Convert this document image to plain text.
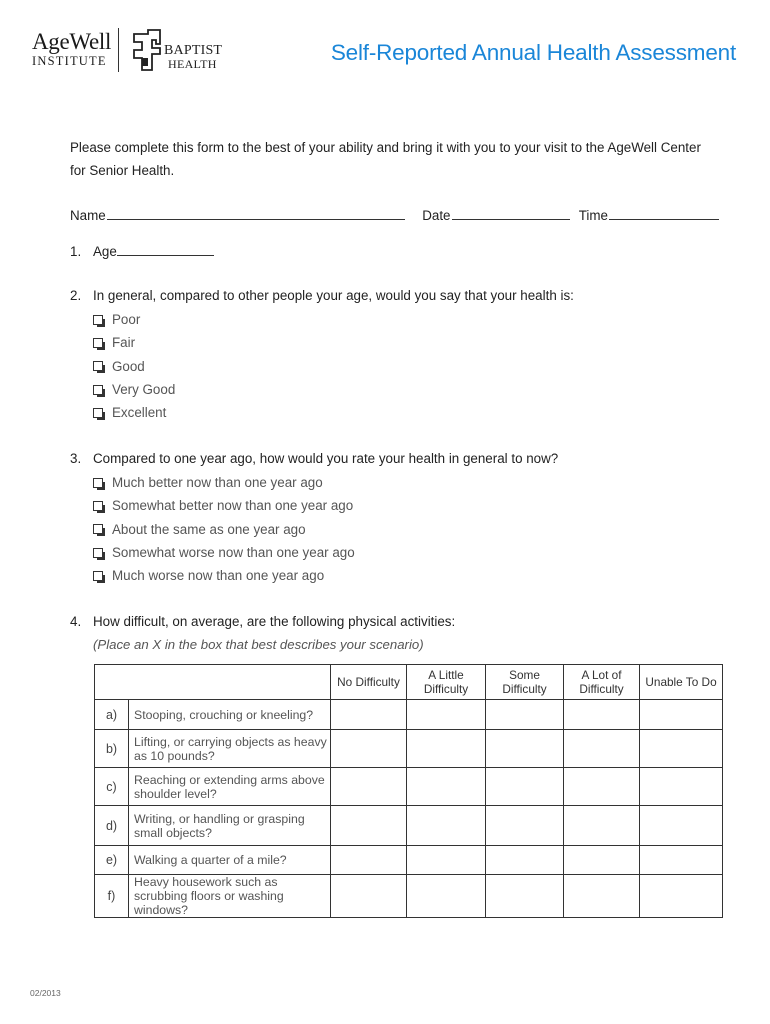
AgeWell
INSTITUTE
BAPTIST
HEALTH	Self-Reported Annual Health Assessment
Please complete this form to the best of your ability and bring it with you to your visit to the AgeWell Center for Senior Health.
Name	Date	Time
1. Age
2. In general, compared to other people your age, would you say that your health is:
Poor
Fair
Good
Very Good
Excellent
3. Compared to one year ago, how would you rate your health in general to now?
Much better now than one year ago
Somewhat better now than one year ago
About the same as one year ago
Somewhat worse now than one year ago
Much worse now than one year ago
4. How difficult, on average, are the following physical activities:
(Place an X in the box that best describes your scenario)
		No Difficulty	A Little Difficulty	Some Difficulty	A Lot of Difficulty	Unable To Do
a)	Stooping, crouching or kneeling?					
b)	Lifting, or carrying objects as heavy as 10 pounds?					
c)	Reaching or extending arms above shoulder level?					
d)	Writing, or handling or grasping small objects?					
e)	Walking a quarter of a mile?					
f)	Heavy housework such as scrubbing floors or washing windows?					
02/2013
